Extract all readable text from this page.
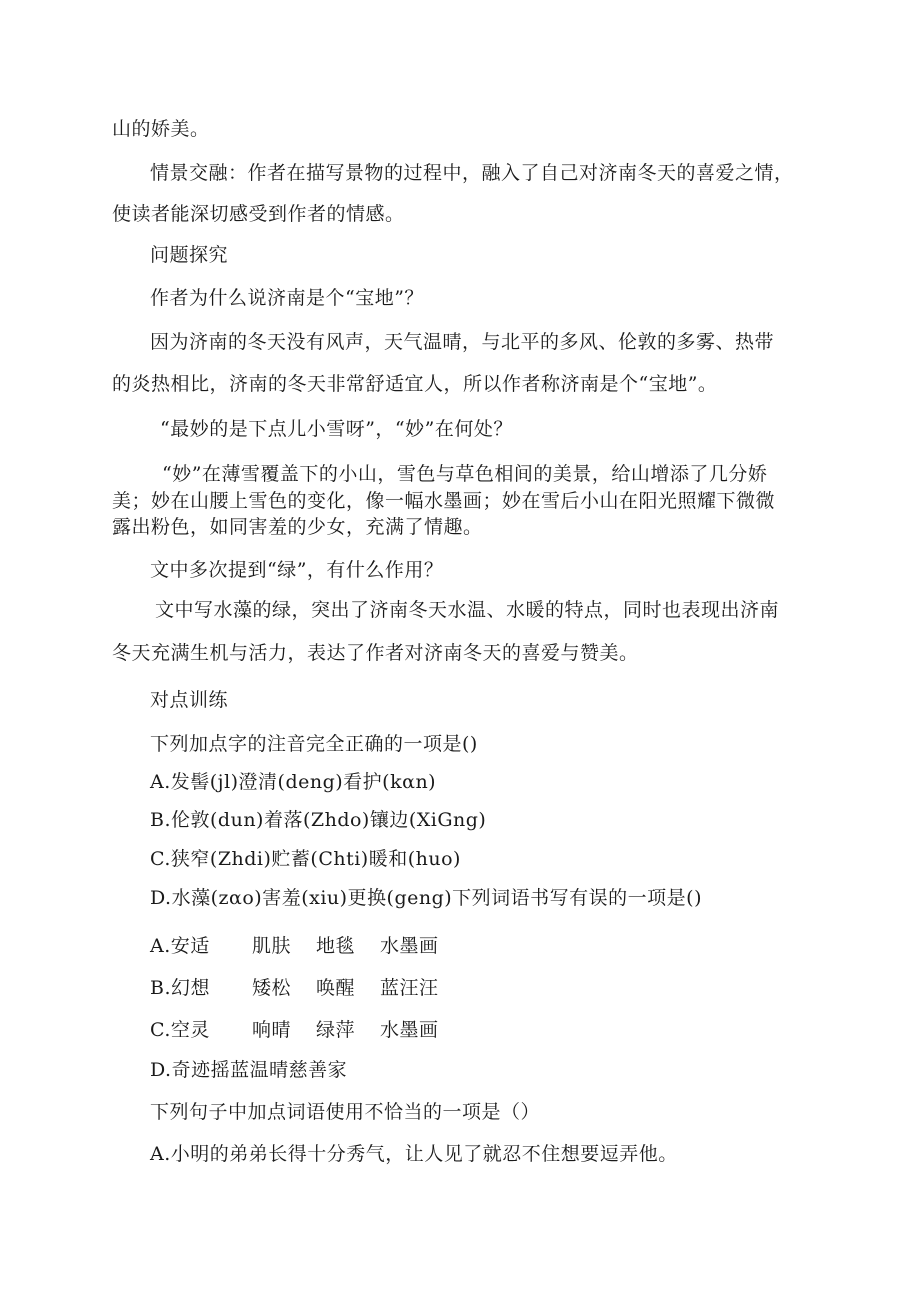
山的娇美。
情景交融：作者在描写景物的过程中，融入了自己对济南冬天的喜爱之情，
使读者能深切感受到作者的情感。
问题探究
作者为什么说济南是个“宝地”？
因为济南的冬天没有风声，天气温晴，与北平的多风、伦敦的多雾、热带
的炎热相比，济南的冬天非常舒适宜人，所以作者称济南是个“宝地”。
“最妙的是下点儿小雪呀”，“妙”在何处？
“妙”在薄雪覆盖下的小山，雪色与草色相间的美景，给山增添了几分娇
美；妙在山腰上雪色的变化，像一幅水墨画；妙在雪后小山在阳光照耀下微微
露出粉色，如同害羞的少女，充满了情趣。
文中多次提到“绿”，有什么作用？
文中写水藻的绿，突出了济南冬天水温、水暖的特点，同时也表现出济南
冬天充满生机与活力，表达了作者对济南冬天的喜爱与赞美。
对点训练
下列加点字的注音完全正确的一项是()
A.发髻(jl)澄清(deng)看护(kαn)
B.伦敦(dun)着落(Zhdo)镶边(XiGng)
C.狭窄(Zhdi)贮蓄(Chti)暖和(huo)
D.水藻(zαo)害羞(xiu)更换(geng)下列词语书写有误的一项是()
A.安适 肌肤 地毯 水墨画
B.幻想 矮松 唤醒 蓝汪汪
C.空灵 响晴 绿萍 水墨画
D.奇迹摇蓝温晴慈善家
下列句子中加点词语使用不恰当的一项是（）
A.小明的弟弟长得十分秀气，让人见了就忍不住想要逗弄他。
